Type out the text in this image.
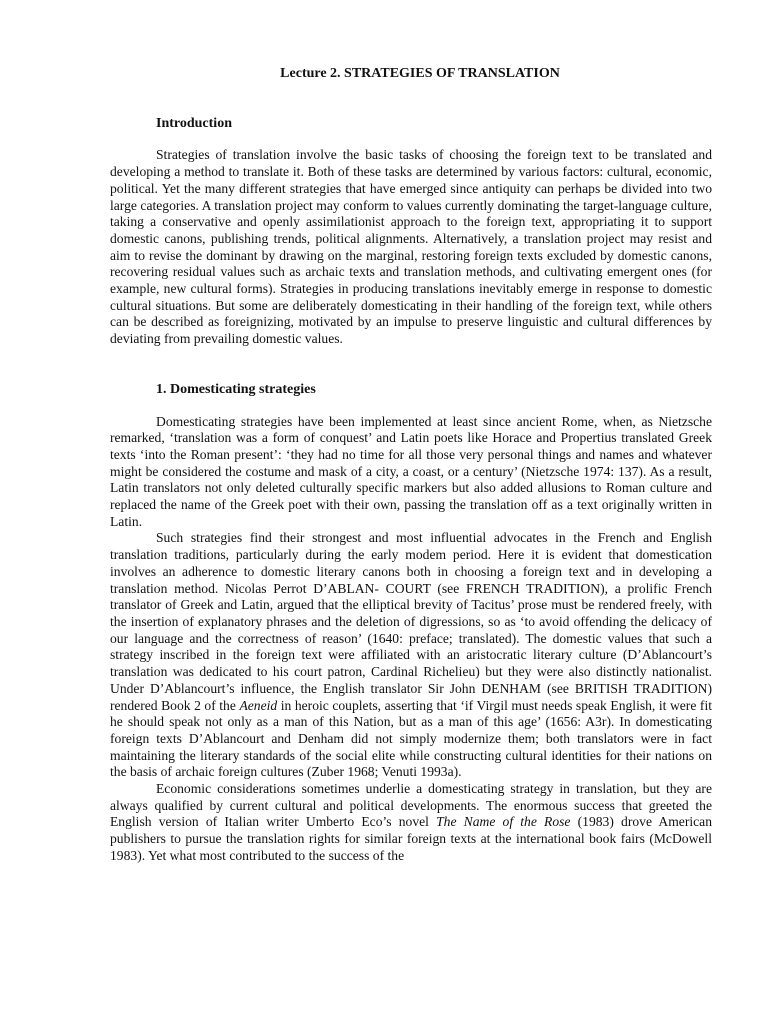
Lecture 2. STRATEGIES OF TRANSLATION
Introduction

Strategies of translation involve the basic tasks of choosing the foreign text to be translated and developing a method to translate it. Both of these tasks are determined by various factors: cultural, economic, political. Yet the many different strategies that have emerged since antiquity can perhaps be divided into two large categories. A translation project may conform to values currently dominating the target-language culture, taking a conservative and openly assimilationist approach to the foreign text, appropriating it to support domestic canons, publishing trends, political alignments. Alternatively, a translation project may resist and aim to revise the dominant by drawing on the marginal, restoring foreign texts excluded by domestic canons, recovering residual values such as archaic texts and translation methods, and cultivating emergent ones (for example, new cultural forms). Strategies in producing translations inevitably emerge in response to domestic cultural situations. But some are deliberately domesticating in their handling of the foreign text, while others can be described as foreignizing, motivated by an impulse to preserve linguistic and cultural differences by deviating from prevailing domestic values.

1. Domesticating strategies

Domesticating strategies have been implemented at least since ancient Rome, when, as Nietzsche remarked, ‘translation was a form of conquest’ and Latin poets like Horace and Propertius translated Greek texts ‘into the Roman present’: ‘they had no time for all those very personal things and names and whatever might be considered the costume and mask of a city, a coast, or a century’ (Nietzsche 1974: 137). As a result, Latin translators not only deleted culturally specific markers but also added allusions to Roman culture and replaced the name of the Greek poet with their own, passing the translation off as a text originally written in Latin.

Such strategies find their strongest and most influential advocates in the French and English translation traditions, particularly during the early modem period. Here it is evident that domestication involves an adherence to domestic literary canons both in choosing a foreign text and in developing a translation method. Nicolas Perrot D’ABLAN- COURT (see FRENCH TRADITION), a prolific French translator of Greek and Latin, argued that the elliptical brevity of Tacitus’ prose must be rendered freely, with the insertion of explanatory phrases and the deletion of digressions, so as ‘to avoid offending the delicacy of our language and the correctness of reason’ (1640: preface; translated). The domestic values that such a strategy inscribed in the foreign text were affiliated with an aristocratic literary culture (D’Ablancourt’s translation was dedicated to his court patron, Cardinal Richelieu) but they were also distinctly nationalist. Under D’Ablancourt’s influence, the English translator Sir John DENHAM (see BRITISH TRADITION) rendered Book 2 of the Aeneid in heroic couplets, asserting that ‘if Virgil must needs speak English, it were fit he should speak not only as a man of this Nation, but as a man of this age’ (1656: A3r). In domesticating foreign texts D’Ablancourt and Denham did not simply modernize them; both translators were in fact maintaining the literary standards of the social elite while constructing cultural identities for their nations on the basis of archaic foreign cultures (Zuber 1968; Venuti 1993a).

Economic considerations sometimes underlie a domesticating strategy in translation, but they are always qualified by current cultural and political developments. The enormous success that greeted the English version of Italian writer Umberto Eco’s novel The Name of the Rose (1983) drove American publishers to pursue the translation rights for similar foreign texts at the international book fairs (McDowell 1983). Yet what most contributed to the success of the
